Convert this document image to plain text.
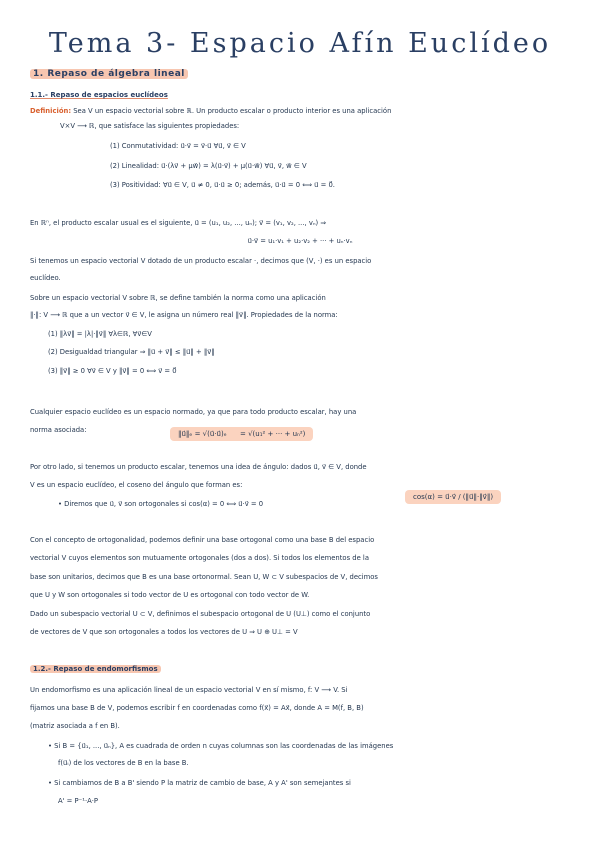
Tema 3- Espacio Afín Euclídeo
1. Repaso de álgebra lineal
1.1.- Repaso de espacios euclídeos
Definición: Sea V un espacio vectorial sobre ℝ. Un producto escalar o producto interior es una aplicación
V×V ⟶ ℝ, que satisface las siguientes propiedades:
(1) Conmutatividad: u⃗·v⃗ = v⃗·u⃗ ∀u⃗, v⃗ ∈ V
(2) Linealidad: u⃗·(λv⃗ + μw⃗) = λ(u⃗·v⃗) + μ(u⃗·w⃗) ∀u⃗, v⃗, w⃗ ∈ V
(3) Positividad: ∀u⃗ ∈ V, u⃗ ≠ 0, u⃗·u⃗ ≥ 0; además, u⃗·u⃗ = 0 ⟺ u⃗ = 0⃗.
En ℝⁿ, el producto escalar usual es el siguiente, u⃗ = (u₁, u₂, ..., uₙ); v⃗ = (v₁, v₂, ..., vₙ) ⇒
u⃗·v⃗ = u₁·v₁ + u₂·v₂ + ··· + uₙ·vₙ
Si tenemos un espacio vectorial V dotado de un producto escalar ·, decimos que (V, ·) es un espacio
euclídeo.
Sobre un espacio vectorial V sobre ℝ, se define también la norma como una aplicación
‖·‖: V ⟶ ℝ que a un vector v⃗ ∈ V, le asigna un número real ‖v⃗‖. Propiedades de la norma:
(1) ‖λv⃗‖ = |λ|·‖v⃗‖ ∀λ∈ℝ, ∀v⃗∈V
(2) Desigualdad triangular ⇒ ‖u⃗ + v⃗‖ ≤ ‖u⃗‖ + ‖v⃗‖
(3) ‖v⃗‖ ≥ 0 ∀v⃗ ∈ V y ‖v⃗‖ = 0 ⟺ v⃗ = 0⃗
Cualquier espacio euclídeo es un espacio normado, ya que para todo producto escalar, hay una
norma asociada:	‖u⃗‖ₑ = √(u⃗·u⃗)ₑ = √(u₁² + ··· + uₙ²)
Por otro lado, si tenemos un producto escalar, tenemos una idea de ángulo: dados u⃗, v⃗ ∈ V, donde
V es un espacio euclídeo, el coseno del ángulo que forman es:
• Diremos que u⃗, v⃗ son ortogonales si cos(α) = 0 ⟺ u⃗·v⃗ = 0
cos(α) = u⃗·v⃗ / (‖u⃗‖·‖v⃗‖)
Con el concepto de ortogonalidad, podemos definir una base ortogonal como una base B del espacio
vectorial V cuyos elementos son mutuamente ortogonales (dos a dos). Si todos los elementos de la
base son unitarios, decimos que B es una base ortonormal. Sean U, W ⊂ V subespacios de V, decimos
que U y W son ortogonales si todo vector de U es ortogonal con todo vector de W.
Dado un subespacio vectorial U ⊂ V, definimos el subespacio ortogonal de U (U⊥) como el conjunto
de vectores de V que son ortogonales a todos los vectores de U ⇒ U ⊕ U⊥ = V
1.2.- Repaso de endomorfismos
Un endomorfismo es una aplicación lineal de un espacio vectorial V en sí mismo, f: V ⟶ V. Si
fijamos una base B de V, podemos escribir f en coordenadas como f(x⃗) = Ax⃗, donde A = M(f, B, B)
(matriz asociada a f en B).
• Si B = {u⃗₁, ..., u⃗ₙ}, A es cuadrada de orden n cuyas columnas son las coordenadas de las imágenes
f(u⃗ᵢ) de los vectores de B en la base B.
• Si cambiamos de B a B' siendo P la matriz de cambio de base, A y A' son semejantes si
A' = P⁻¹·A·P
